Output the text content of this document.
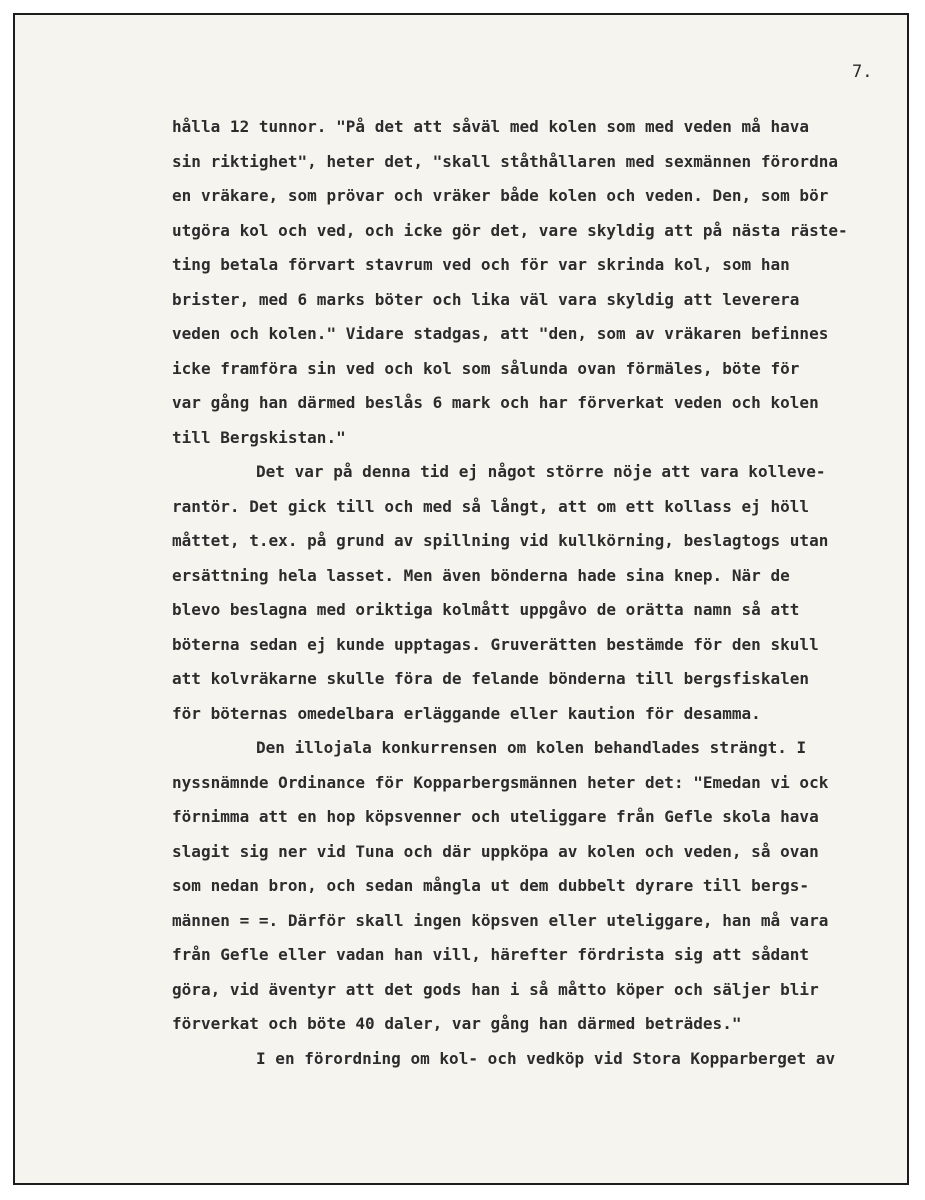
7.
hålla 12 tunnor. "På det att såväl med kolen som med veden må hava
sin riktighet", heter det, "skall ståthållaren med sexmännen förordna
en vräkare, som prövar och vräker både kolen och veden. Den, som bör
utgöra kol och ved, och icke gör det, vare skyldig att på nästa räste-
ting betala förvart stavrum ved och för var skrinda kol, som han
brister, med 6 marks böter och lika väl vara skyldig att leverera
veden och kolen." Vidare stadgas, att "den, som av vräkaren befinnes
icke framföra sin ved och kol som sålunda ovan förmäles, böte för
var gång han därmed beslås 6 mark och har förverkat veden och kolen
till Bergskistan."
Det var på denna tid ej något större nöje att vara kolleve-
rantör. Det gick till och med så långt, att om ett kollass ej höll
måttet, t.ex. på grund av spillning vid kullkörning, beslagtogs utan
ersättning hela lasset. Men även bönderna hade sina knep. När de
blevo beslagna med oriktiga kolmått uppgåvo de orätta namn så att
böterna sedan ej kunde upptagas. Gruverätten bestämde för den skull
att kolvräkarne skulle föra de felande bönderna till bergsfiskalen
för böternas omedelbara erläggande eller kaution för desamma.
Den illojala konkurrensen om kolen behandlades strängt. I
nyssnämnde Ordinance för Kopparbergsmännen heter det: "Emedan vi ock
förnimma att en hop köpsvenner och uteliggare från Gefle skola hava
slagit sig ner vid Tuna och där uppköpa av kolen och veden, så ovan
som nedan bron, och sedan mångla ut dem dubbelt dyrare till bergs-
männen = =. Därför skall ingen köpsven eller uteliggare, han må vara
från Gefle eller vadan han vill, härefter fördrista sig att sådant
göra, vid äventyr att det gods han i så måtto köper och säljer blir
förverkat och böte 40 daler, var gång han därmed beträdes."
I en förordning om kol- och vedköp vid Stora Kopparberget av
